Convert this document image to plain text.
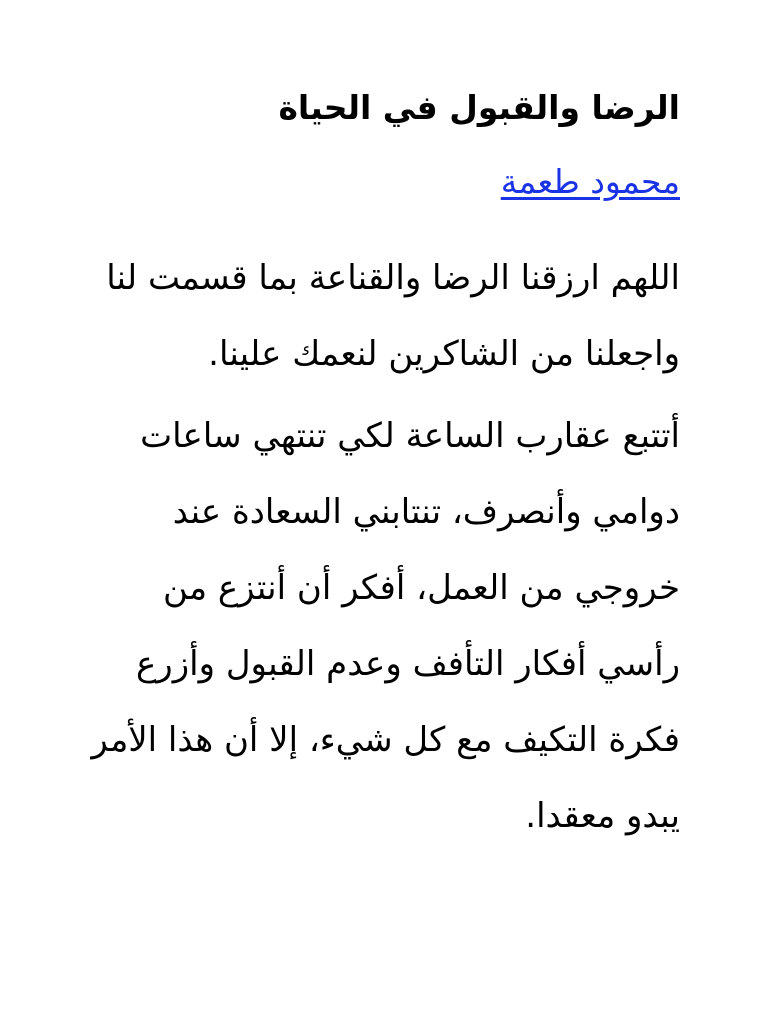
الرضا والقبول في الحياة
محمود طعمة

اللهم ارزقنا الرضا والقناعة بما قسمت لنا واجعلنا من الشاكرين لنعمك علينا.

أتتبع عقارب الساعة لكي تنتهي ساعات دوامي وأنصرف، تنتابني السعادة عند خروجي من العمل، أفكر أن أنتزع من رأسي أفكار التأفف وعدم القبول وأزرع فكرة التكيف مع كل شيء، إلا أن هذا الأمر يبدو معقدا.
